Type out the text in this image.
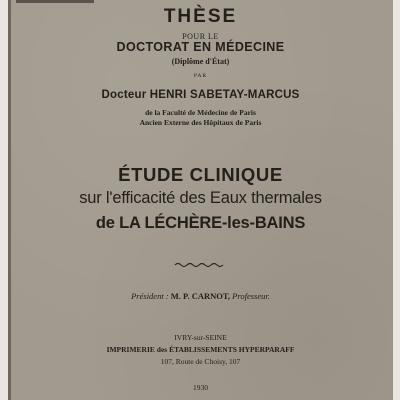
THÈSE
POUR LE
DOCTORAT EN MÉDECINE
(Diplôme d'État)
PAR
Docteur HENRI SABETAY-MARCUS
de la Faculté de Médecine de Paris
Ancien Externe des Hôpitaux de Paris
ÉTUDE CLINIQUE
sur l'efficacité des Eaux thermales
de LA LÉCHÈRE-les-BAINS
Président : M. P. CARNOT, Professeur.
IVRY-sur-SEINE
IMPRIMERIE des ÉTABLISSEMENTS HYPERPARAFF
107, Route de Choisy, 107
1930
